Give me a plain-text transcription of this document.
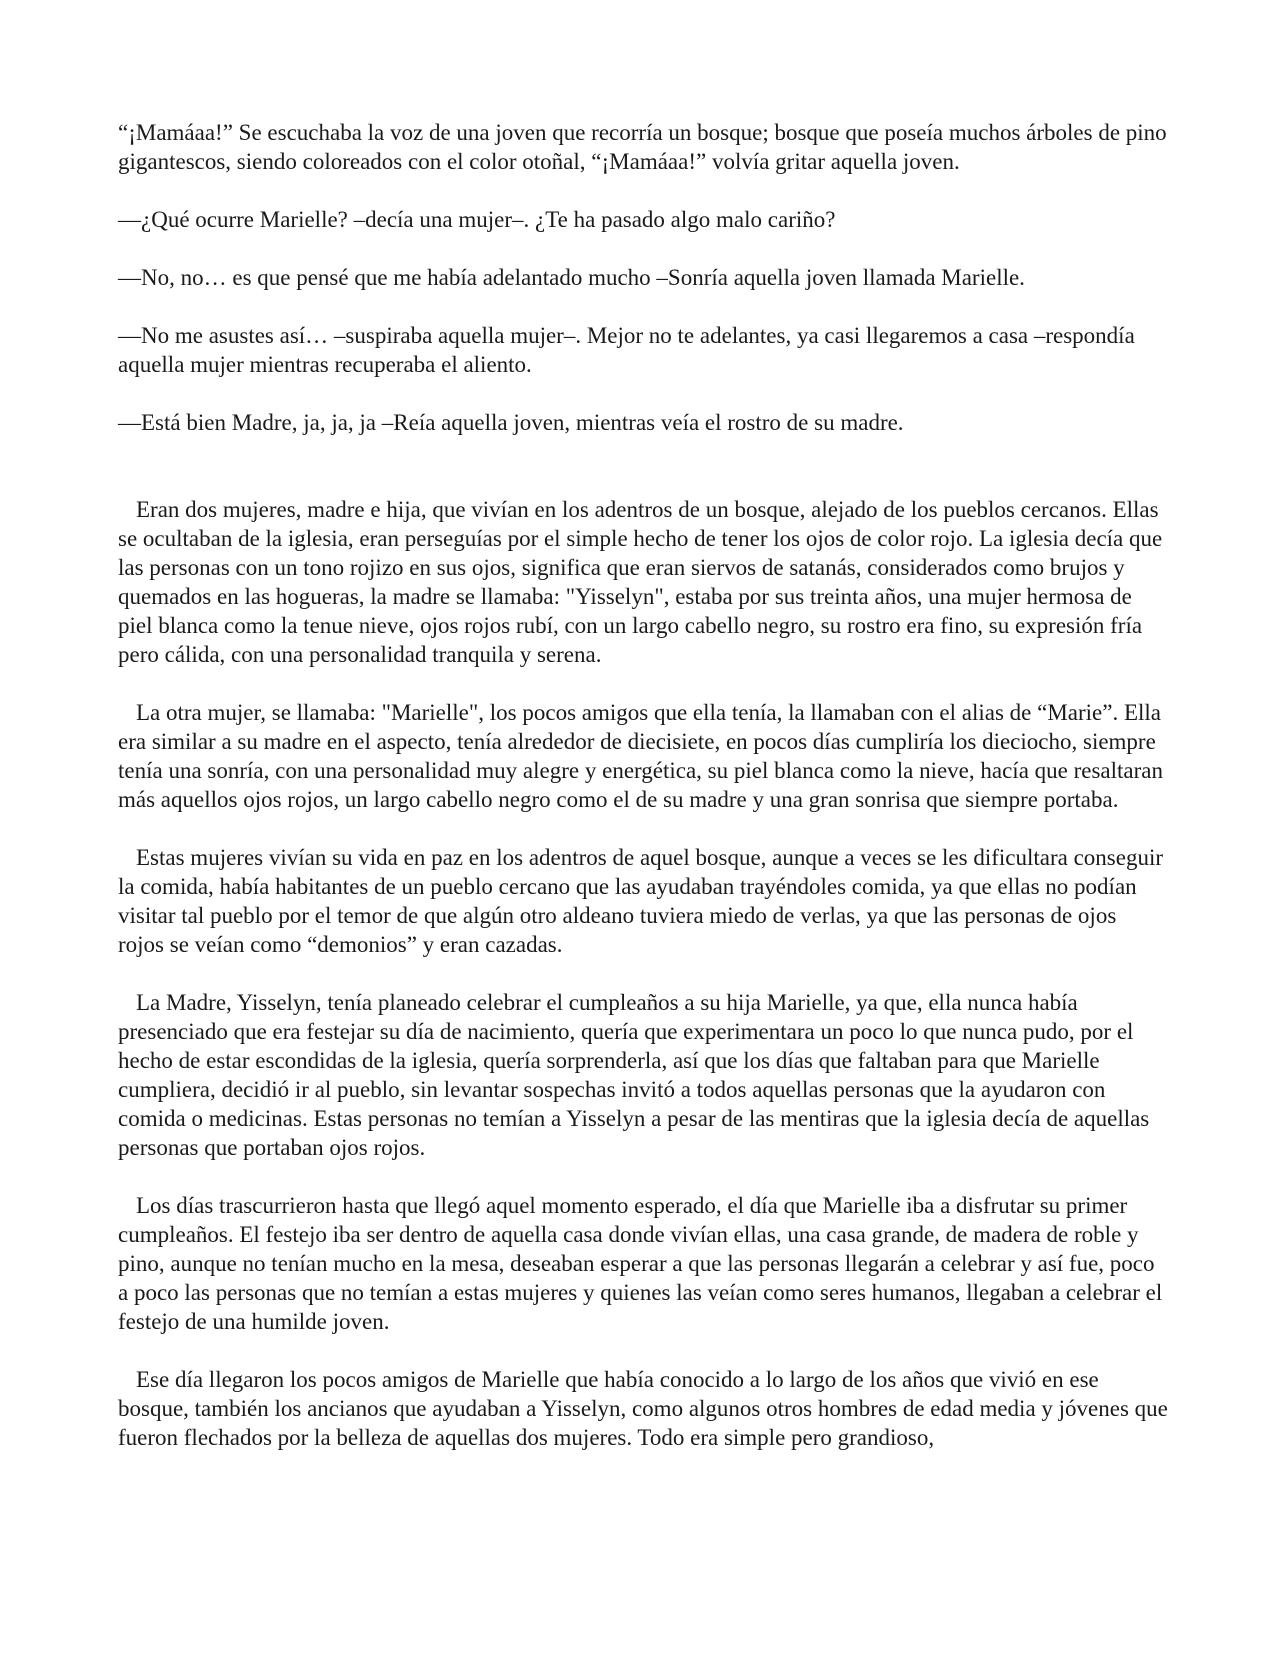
“¡Mamáaa!” Se escuchaba la voz de una joven que recorría un bosque; bosque que poseía muchos árboles de pino gigantescos, siendo coloreados con el color otoñal, “¡Mamáaa!” volvía gritar aquella joven.

—¿Qué ocurre Marielle? –decía una mujer–. ¿Te ha pasado algo malo cariño?

—No, no… es que pensé que me había adelantado mucho –Sonría aquella joven llamada Marielle.

—No me asustes así… –suspiraba aquella mujer–. Mejor no te adelantes, ya casi llegaremos a casa –respondía aquella mujer mientras recuperaba el aliento.

—Está bien Madre, ja, ja, ja –Reía aquella joven, mientras veía el rostro de su madre.

Eran dos mujeres, madre e hija, que vivían en los adentros de un bosque, alejado de los pueblos cercanos. Ellas se ocultaban de la iglesia, eran perseguías por el simple hecho de tener los ojos de color rojo. La iglesia decía que las personas con un tono rojizo en sus ojos, significa que eran siervos de satanás, considerados como brujos y quemados en las hogueras, la madre se llamaba: "Yisselyn", estaba por sus treinta años, una mujer hermosa de piel blanca como la tenue nieve, ojos rojos rubí, con un largo cabello negro, su rostro era fino, su expresión fría pero cálida, con una personalidad tranquila y serena.

La otra mujer, se llamaba: "Marielle", los pocos amigos que ella tenía, la llamaban con el alias de “Marie”. Ella era similar a su madre en el aspecto, tenía alrededor de diecisiete, en pocos días cumpliría los dieciocho, siempre tenía una sonría, con una personalidad muy alegre y energética, su piel blanca como la nieve, hacía que resaltaran más aquellos ojos rojos, un largo cabello negro como el de su madre y una gran sonrisa que siempre portaba.

Estas mujeres vivían su vida en paz en los adentros de aquel bosque, aunque a veces se les dificultara conseguir la comida, había habitantes de un pueblo cercano que las ayudaban trayéndoles comida, ya que ellas no podían visitar tal pueblo por el temor de que algún otro aldeano tuviera miedo de verlas, ya que las personas de ojos rojos se veían como “demonios” y eran cazadas.

La Madre, Yisselyn, tenía planeado celebrar el cumpleaños a su hija Marielle, ya que, ella nunca había presenciado que era festejar su día de nacimiento, quería que experimentara un poco lo que nunca pudo, por el hecho de estar escondidas de la iglesia, quería sorprenderla, así que los días que faltaban para que Marielle cumpliera, decidió ir al pueblo, sin levantar sospechas invitó a todos aquellas personas que la ayudaron con comida o medicinas. Estas personas no temían a Yisselyn a pesar de las mentiras que la iglesia decía de aquellas personas que portaban ojos rojos.

Los días trascurrieron hasta que llegó aquel momento esperado, el día que Marielle iba a disfrutar su primer cumpleaños. El festejo iba ser dentro de aquella casa donde vivían ellas, una casa grande, de madera de roble y pino, aunque no tenían mucho en la mesa, deseaban esperar a que las personas llegarán a celebrar y así fue, poco a poco las personas que no temían a estas mujeres y quienes las veían como seres humanos, llegaban a celebrar el festejo de una humilde joven.

Ese día llegaron los pocos amigos de Marielle que había conocido a lo largo de los años que vivió en ese bosque, también los ancianos que ayudaban a Yisselyn, como algunos otros hombres de edad media y jóvenes que fueron flechados por la belleza de aquellas dos mujeres. Todo era simple pero grandioso,
